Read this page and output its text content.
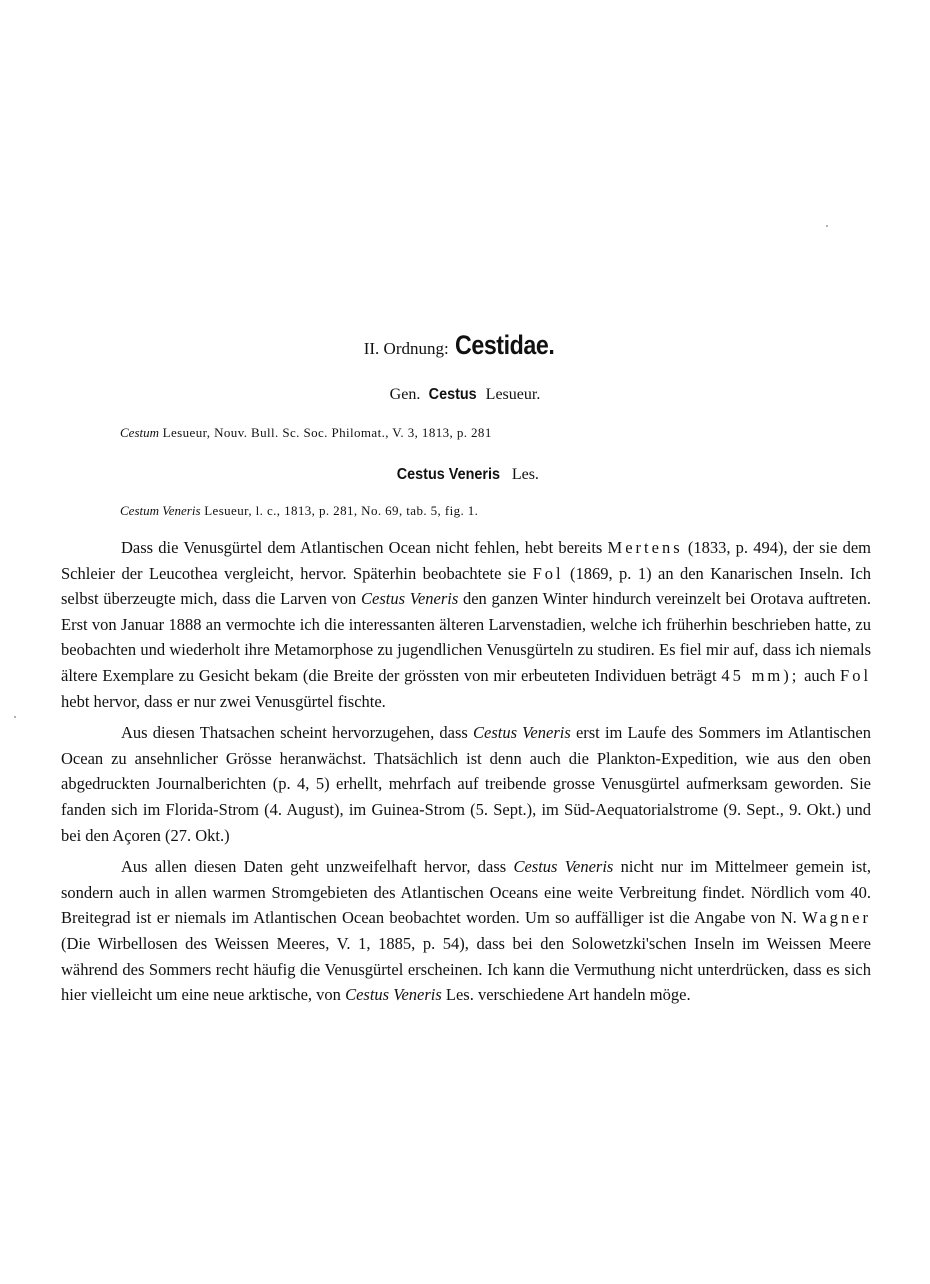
II. Ordnung: Cestidae.
Gen. Cestus Lesueur.
Cestum Lesueur, Nouv. Bull. Sc. Soc. Philomat., V. 3, 1813, p. 281
Cestus Veneris Les.
Cestum Veneris Lesueur, l. c., 1813, p. 281, No. 69, tab. 5, fig. 1.

Dass die Venusgürtel dem Atlantischen Ocean nicht fehlen, hebt bereits Mertens (1833, p. 494), der sie dem Schleier der Leucothea vergleicht, hervor. Späterhin beobachtete sie Fol (1869, p. 1) an den Kanarischen Inseln. Ich selbst überzeugte mich, dass die Larven von Cestus Veneris den ganzen Winter hindurch vereinzelt bei Orotava auftreten. Erst von Januar 1888 an vermochte ich die interessanten älteren Larvenstadien, welche ich früherhin beschrieben hatte, zu beobachten und wiederholt ihre Metamorphose zu jugendlichen Venusgürteln zu studiren. Es fiel mir auf, dass ich niemals ältere Exemplare zu Gesicht bekam (die Breite der grössten von mir erbeuteten Individuen beträgt 45 mm); auch Fol hebt hervor, dass er nur zwei Venusgürtel fischte.

Aus diesen Thatsachen scheint hervorzugehen, dass Cestus Veneris erst im Laufe des Sommers im Atlantischen Ocean zu ansehnlicher Grösse heranwächst. Thatsächlich ist denn auch die Plankton-Expedition, wie aus den oben abgedruckten Journalberichten (p. 4, 5) erhellt, mehrfach auf treibende grosse Venusgürtel aufmerksam geworden. Sie fanden sich im Florida-Strom (4. August), im Guinea-Strom (5. Sept.), im Süd-Aequatorialstrome (9. Sept., 9. Okt.) und bei den Açoren (27. Okt.)

Aus allen diesen Daten geht unzweifelhaft hervor, dass Cestus Veneris nicht nur im Mittelmeer gemein ist, sondern auch in allen warmen Stromgebieten des Atlantischen Oceans eine weite Verbreitung findet. Nördlich vom 40. Breitegrad ist er niemals im Atlantischen Ocean beobachtet worden. Um so auffälliger ist die Angabe von N. Wagner (Die Wirbellosen des Weissen Meeres, V. 1, 1885, p. 54), dass bei den Solowetzki'schen Inseln im Weissen Meere während des Sommers recht häufig die Venusgürtel erscheinen. Ich kann die Vermuthung nicht unterdrücken, dass es sich hier vielleicht um eine neue arktische, von Cestus Veneris Les. verschiedene Art handeln möge.
